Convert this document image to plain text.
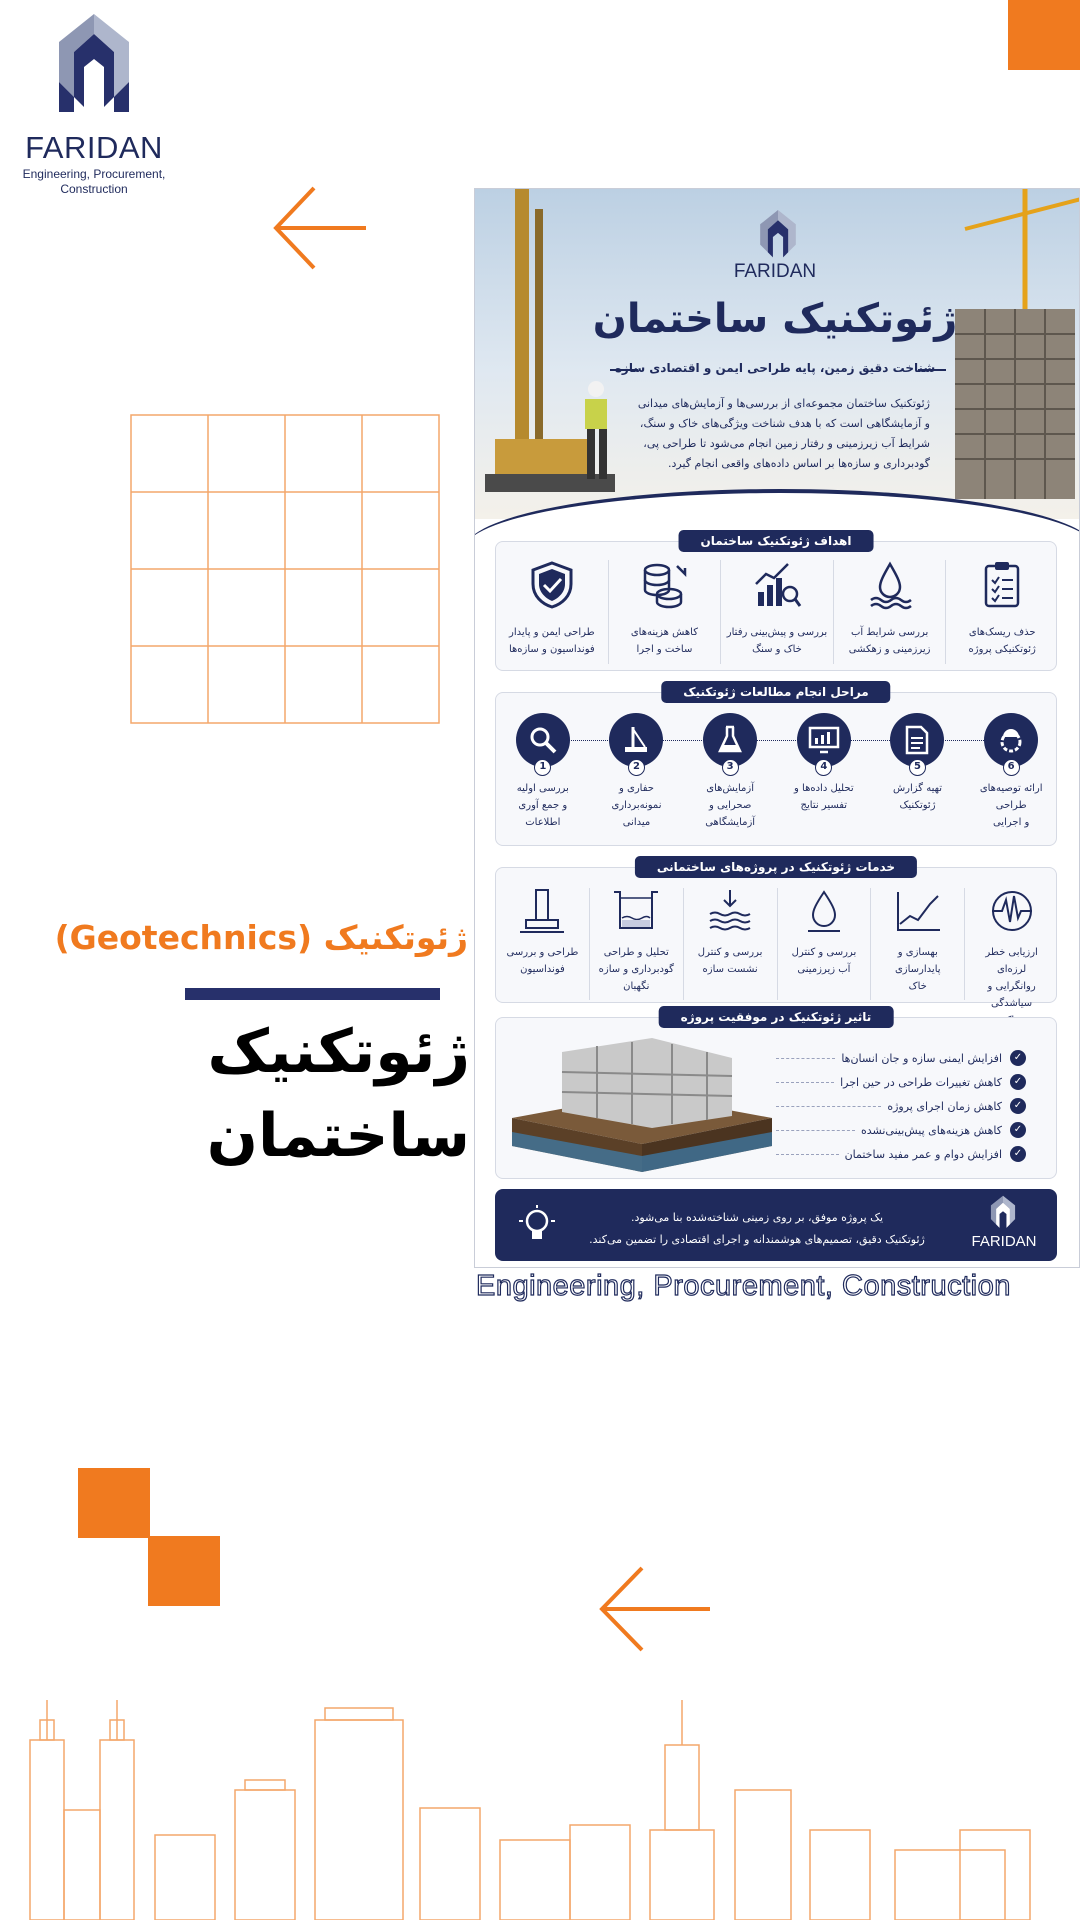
FARIDAN
Engineering, Procurement,
Construction
ژئوتکنیک (Geotechnics)
ژئوتکنیک
ساختمان
FARIDAN
ژئوتکنیک ساختمان
شناخت دقیق زمین، پایه طراحی ایمن و اقتصادی سازه
ژئوتکنیک ساختمان مجموعه‌ای از بررسی‌ها و آزمایش‌های میدانی و آزمایشگاهی است که با هدف شناخت ویژگی‌های خاک و سنگ، شرایط آب زیرزمینی و رفتار زمین انجام می‌شود تا طراحی پی، گودبرداری و سازه‌ها بر اساس داده‌های واقعی انجام گیرد.
اهداف ژئوتکنیک ساختمان
حذف ریسک‌های
ژئوتکنیکی پروژه
بررسی شرایط آب
زیرزمینی و زهکشی
بررسی و پیش‌بینی رفتار
خاک و سنگ
کاهش هزینه‌های
ساخت و اجرا
طراحی ایمن و پایدار
فونداسیون و سازه‌ها
مراحل انجام مطالعات ژئوتکنیک
6
ارائه توصیه‌های طراحی
و اجرایی
5
تهیه گزارش
ژئوتکنیک
4
تحلیل داده‌ها و
تفسیر نتایج
3
آزمایش‌های
صحرایی و
آزمایشگاهی
2
حفاری و
نمونه‌برداری
میدانی
1
بررسی اولیه
و جمع آوری
اطلاعات
خدمات ژئوتکنیک در پروژه‌های ساختمانی
ارزیابی خطر لرزه‌ای
روانگرایی و سیاشدگی
بهسازی و پایدارسازی
خاک
بررسی و کنترل
آب زیرزمینی
بررسی و کنترل
نشست سازه
تحلیل و طراحی
گودبرداری و سازه نگهبان
طراحی و بررسی
فونداسیون
تاثیر ژئوتکنیک در موفقیت پروژه
✓
افزایش ایمنی سازه و جان انسان‌ها
✓
کاهش تغییرات طراحی در حین اجرا
✓
کاهش زمان اجرای پروژه
✓
کاهش هزینه‌های پیش‌بینی‌نشده
✓
افزایش دوام و عمر مفید ساختمان
یک پروژه موفق، بر روی زمینی شناخته‌شده بنا می‌شود.
ژئوتکنیک دقیق، تصمیم‌های هوشمندانه و اجرای اقتصادی را تضمین می‌کند.	FARIDAN
Engineering, Procurement, Construction
